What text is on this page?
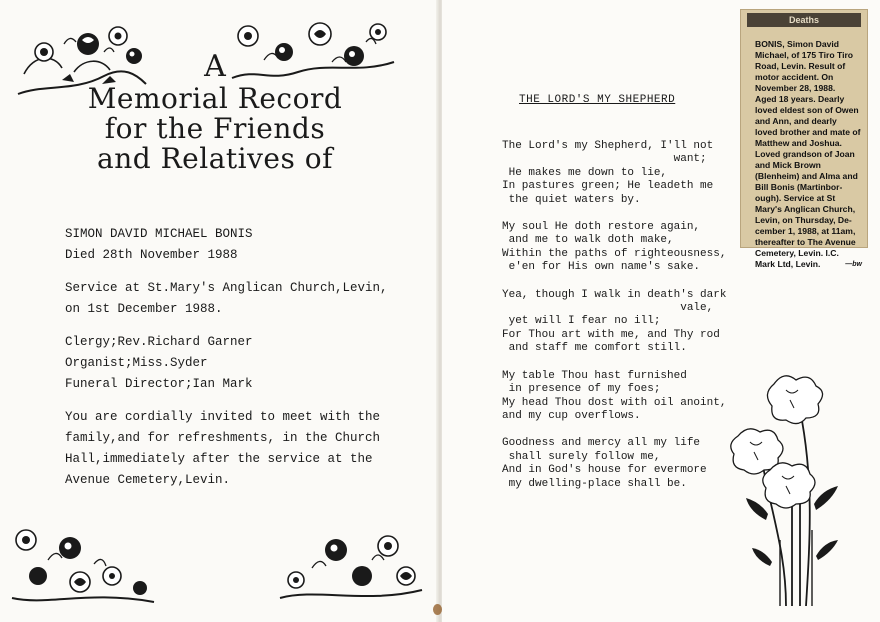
A
Memorial Record
for the Friends
and Relatives of

SIMON DAVID MICHAEL BONIS
Died 28th November 1988

Service at St.Mary's Anglican Church,Levin,
on 1st December 1988.

Clergy;Rev.Richard Garner
Organist;Miss.Syder
Funeral Director;Ian Mark

You are cordially invited to meet with the
family,and for refreshments, in the Church
Hall,immediately after the service at the
Avenue Cemetery,Levin.

THE LORD'S MY SHEPHERD
The Lord's my Shepherd, I'll not
want;
He makes me down to lie,
In pastures green; He leadeth me
the quiet waters by.
My soul He doth restore again,
and me to walk doth make,
Within the paths of righteousness,
e'en for His own name's sake.
Yea, though I walk in death's dark
vale,
yet will I fear no ill;
For Thou art with me, and Thy rod
and staff me comfort still.
My table Thou hast furnished
in presence of my foes;
My head Thou dost with oil anoint,
and my cup overflows.
Goodness and mercy all my life
shall surely follow me,
And in God's house for evermore
my dwelling-place shall be.
Deaths
BONIS, Simon David
Michael, of 175 Tiro Tiro
Road, Levin. Result of
motor accident. On
November 28, 1988.
Aged 18 years. Dearly
loved eldest son of Owen
and Ann, and dearly
loved brother and mate of
Matthew and Joshua.
Loved grandson of Joan
and Mick Brown
(Blenheim) and Alma and
Bill Bonis (Martinbor-
ough). Service at St
Mary's Anglican Church,
Levin, on Thursday, De-
cember 1, 1988, at 11am,
thereafter to The Avenue
Cemetery, Levin. I.C.
Mark Ltd, Levin.	—bw
